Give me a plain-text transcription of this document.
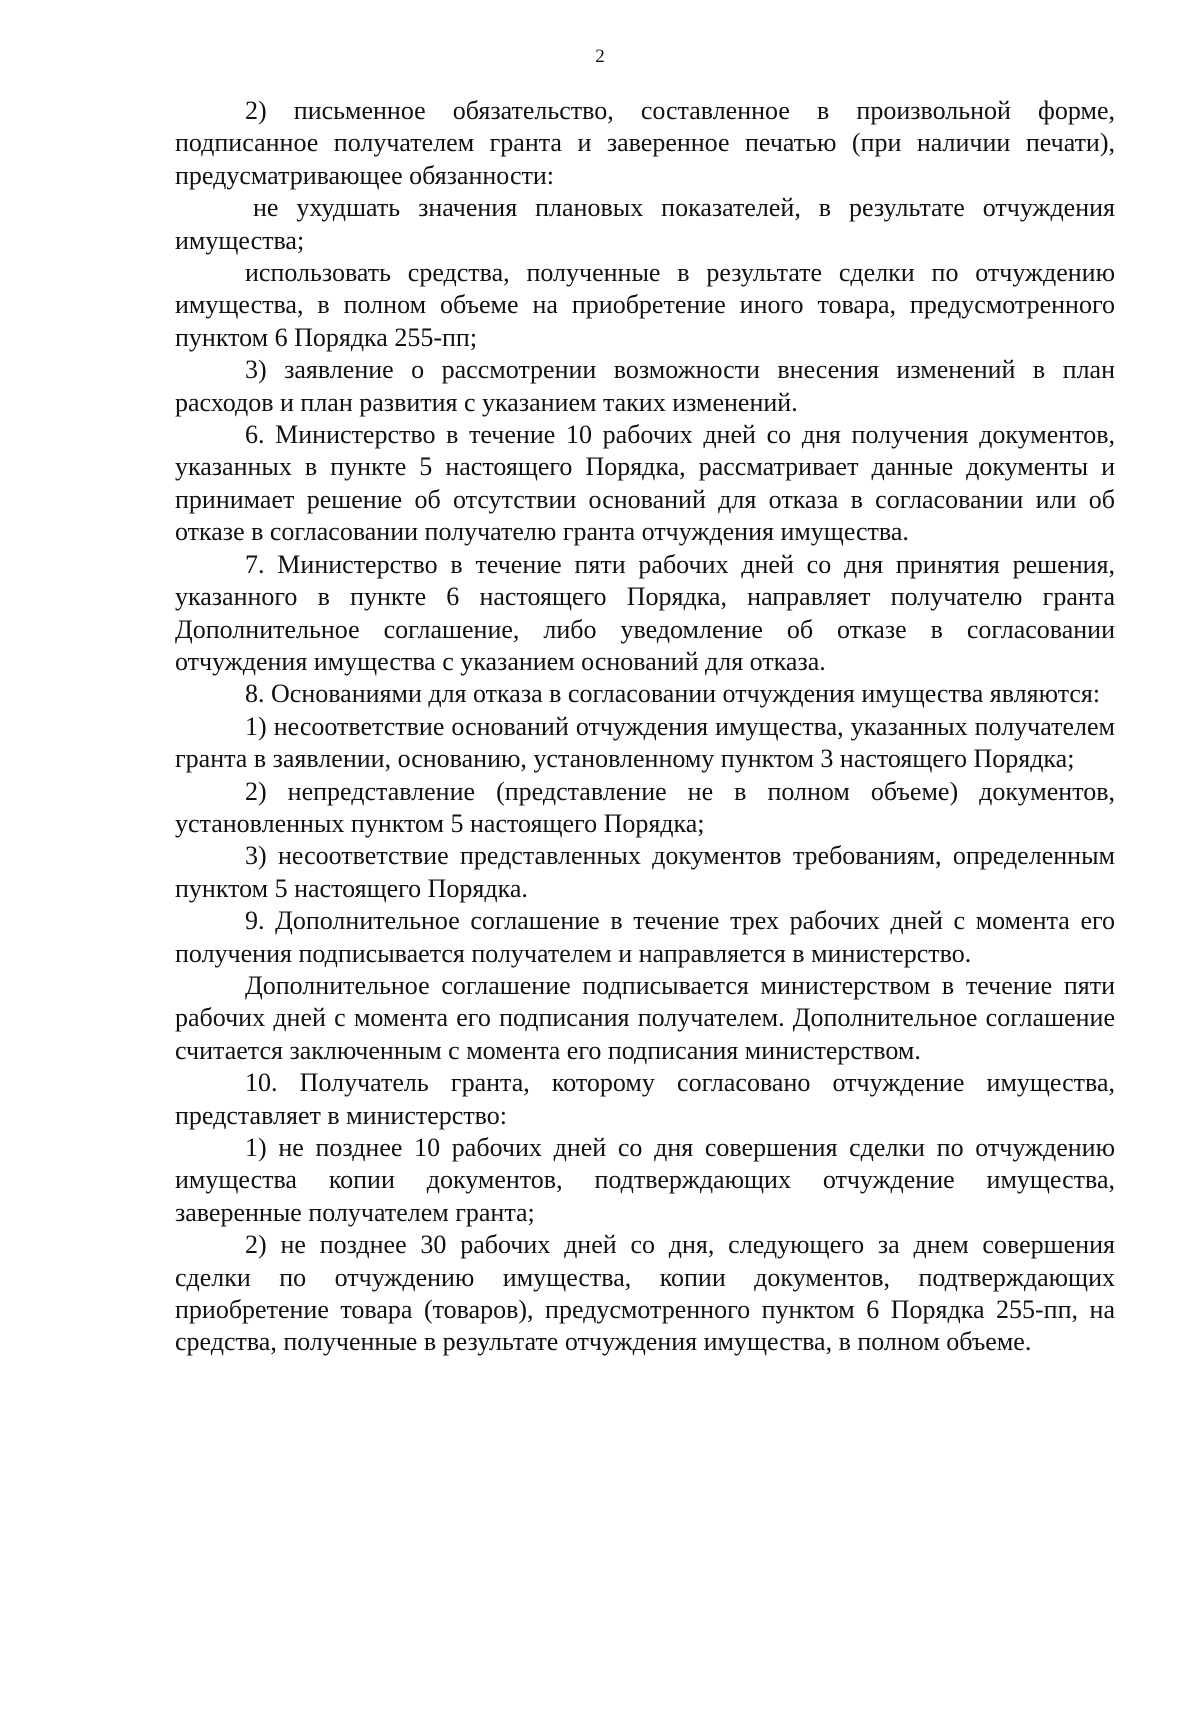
2

2) письменное обязательство, составленное в произвольной форме, подписанное получателем гранта и заверенное печатью (при наличии печати), предусматривающее обязанности:

не ухудшать значения плановых показателей, в результате отчуждения имущества;

использовать средства, полученные в результате сделки по отчуждению имущества, в полном объеме на приобретение иного товара, предусмотренного пунктом 6 Порядка 255-пп;

3) заявление о рассмотрении возможности внесения изменений в план расходов и план развития с указанием таких изменений.

6. Министерство в течение 10 рабочих дней со дня получения документов, указанных в пункте 5 настоящего Порядка, рассматривает данные документы и принимает решение об отсутствии оснований для отказа в согласовании или об отказе в согласовании получателю гранта отчуждения имущества.

7. Министерство в течение пяти рабочих дней со дня принятия решения, указанного в пункте 6 настоящего Порядка, направляет получателю гранта Дополнительное соглашение, либо уведомление об отказе в согласовании отчуждения имущества с указанием оснований для отказа.

8. Основаниями для отказа в согласовании отчуждения имущества являются:

1) несоответствие оснований отчуждения имущества, указанных получателем гранта в заявлении, основанию, установленному пунктом 3 настоящего Порядка;

2) непредставление (представление не в полном объеме) документов, установленных пунктом 5 настоящего Порядка;

3) несоответствие представленных документов требованиям, определенным пунктом 5 настоящего Порядка.

9. Дополнительное соглашение в течение трех рабочих дней с момента его получения подписывается получателем и направляется в министерство.

Дополнительное соглашение подписывается министерством в течение пяти рабочих дней с момента его подписания получателем. Дополнительное соглашение считается заключенным с момента его подписания министерством.

10. Получатель гранта, которому согласовано отчуждение имущества, представляет в министерство:

1) не позднее 10 рабочих дней со дня совершения сделки по отчуждению имущества копии документов, подтверждающих отчуждение имущества, заверенные получателем гранта;

2) не позднее 30 рабочих дней со дня, следующего за днем совершения сделки по отчуждению имущества, копии документов, подтверждающих приобретение товара (товаров), предусмотренного пунктом 6 Порядка 255-пп, на средства, полученные в результате отчуждения имущества, в полном объеме.
